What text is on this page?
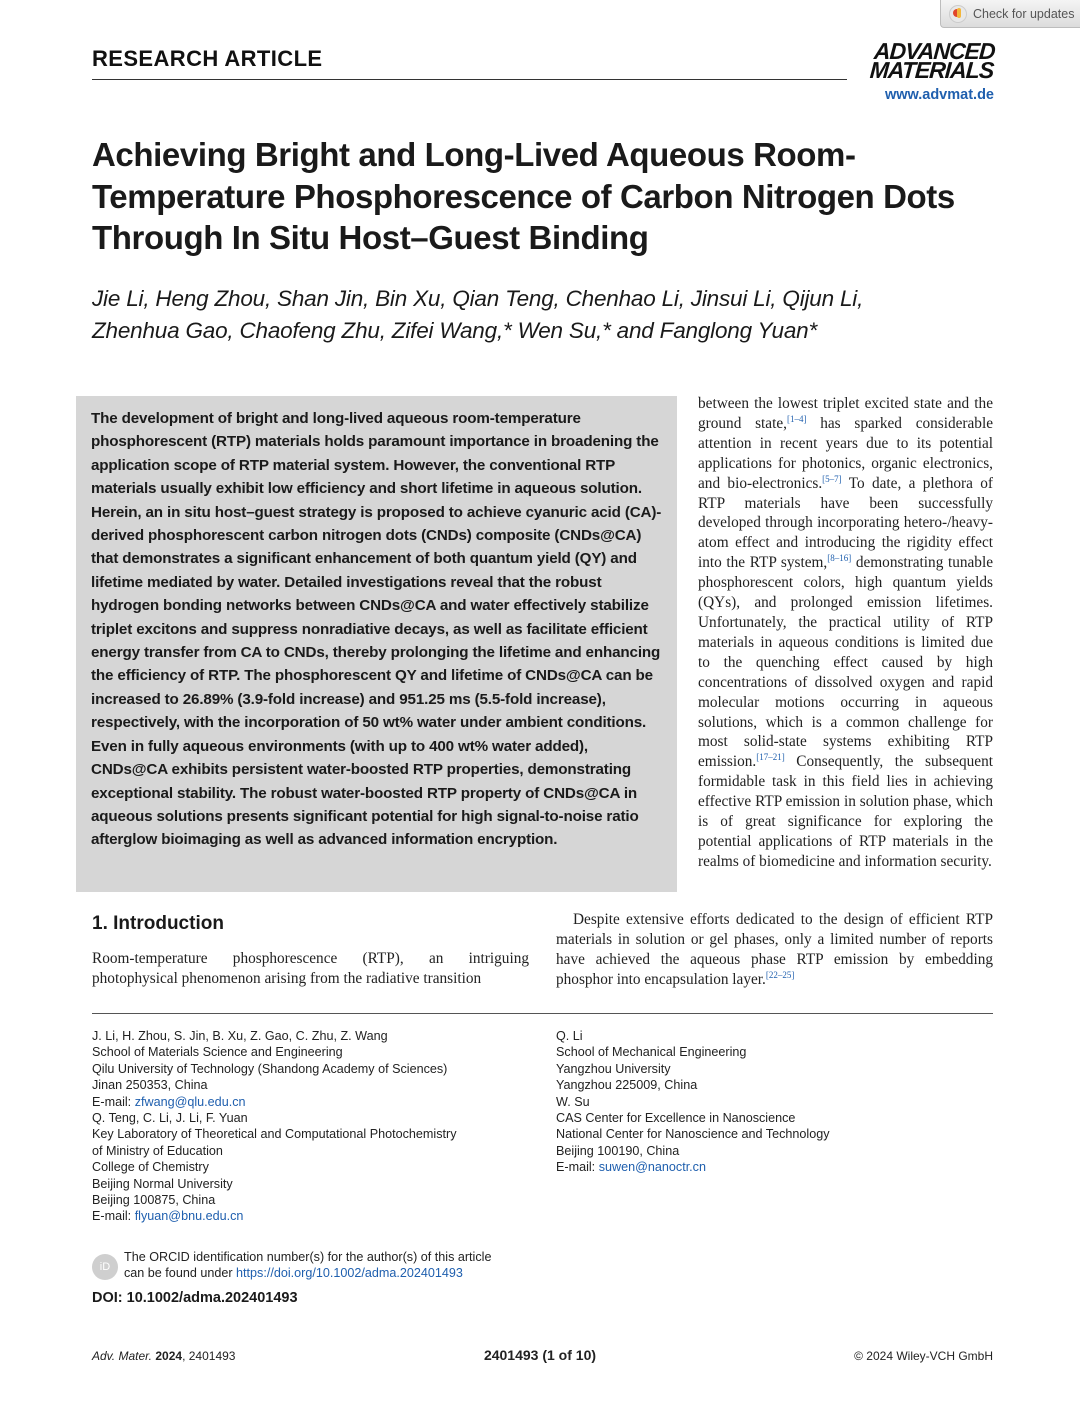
Check for updates
RESEARCH ARTICLE	ADVANCED
MATERIALS
www.advmat.de
Achieving Bright and Long-Lived Aqueous Room-Temperature Phosphorescence of Carbon Nitrogen Dots Through In Situ Host–Guest Binding
Jie Li, Heng Zhou, Shan Jin, Bin Xu, Qian Teng, Chenhao Li, Jinsui Li, Qijun Li,
Zhenhua Gao, Chaofeng Zhu, Zifei Wang,* Wen Su,* and Fanglong Yuan*

The development of bright and long-lived aqueous room-temperature phosphorescent (RTP) materials holds paramount importance in broadening the application scope of RTP material system. However, the conventional RTP materials usually exhibit low efficiency and short lifetime in aqueous solution. Herein, an in situ host–guest strategy is proposed to achieve cyanuric acid (CA)-derived phosphorescent carbon nitrogen dots (CNDs) composite (CNDs@CA) that demonstrates a significant enhancement of both quantum yield (QY) and lifetime mediated by water. Detailed investigations reveal that the robust hydrogen bonding networks between CNDs@CA and water effectively stabilize triplet excitons and suppress nonradiative decays, as well as facilitate efficient energy transfer from CA to CNDs, thereby prolonging the lifetime and enhancing the efficiency of RTP. The phosphorescent QY and lifetime of CNDs@CA can be increased to 26.89% (3.9-fold increase) and 951.25 ms (5.5-fold increase), respectively, with the incorporation of 50 wt% water under ambient conditions. Even in fully aqueous environments (with up to 400 wt% water added), CNDs@CA exhibits persistent water-boosted RTP properties, demonstrating exceptional stability. The robust water-boosted RTP property of CNDs@CA in aqueous solutions presents significant potential for high signal-to-noise ratio afterglow bioimaging as well as advanced information encryption.

between the lowest triplet excited state and the ground state,[1–4] has sparked considerable attention in recent years due to its potential applications for photonics, organic electronics, and bio-electronics.[5–7] To date, a plethora of RTP materials have been successfully developed through incorporating hetero-/heavy-atom effect and introducing the rigidity effect into the RTP system,[8–16] demonstrating tunable phosphorescent colors, high quantum yields (QYs), and prolonged emission lifetimes. Unfortunately, the practical utility of RTP materials in aqueous conditions is limited due to the quenching effect caused by high concentrations of dissolved oxygen and rapid molecular motions occurring in aqueous solutions, which is a common challenge for most solid-state systems exhibiting RTP emission.[17–21] Consequently, the subsequent formidable task in this field lies in achieving effective RTP emission in solution phase, which is of great significance for exploring the potential applications of RTP materials in the realms of biomedicine and information security.

Despite extensive efforts dedicated to the design of efficient RTP materials in solution or gel phases, only a limited number of reports have achieved the aqueous phase RTP emission by embedding phosphor into encapsulation layer.[22–25]

1. Introduction

Room-temperature phosphorescence (RTP), an intriguing photophysical phenomenon arising from the radiative transition

J. Li, H. Zhou, S. Jin, B. Xu, Z. Gao, C. Zhu, Z. Wang
School of Materials Science and Engineering
Qilu University of Technology (Shandong Academy of Sciences)
Jinan 250353, China
E-mail: zfwang@qlu.edu.cn
Q. Teng, C. Li, J. Li, F. Yuan
Key Laboratory of Theoretical and Computational Photochemistry
of Ministry of Education
College of Chemistry
Beijing Normal University
Beijing 100875, China
E-mail: flyuan@bnu.edu.cn
Q. Li
School of Mechanical Engineering
Yangzhou University
Yangzhou 225009, China
W. Su
CAS Center for Excellence in Nanoscience
National Center for Nanoscience and Technology
Beijing 100190, China
E-mail: suwen@nanoctr.cn
iD
The ORCID identification number(s) for the author(s) of this article
can be found under https://doi.org/10.1002/adma.202401493
DOI: 10.1002/adma.202401493
Adv. Mater. 2024, 2401493	2401493 (1 of 10)	© 2024 Wiley-VCH GmbH
